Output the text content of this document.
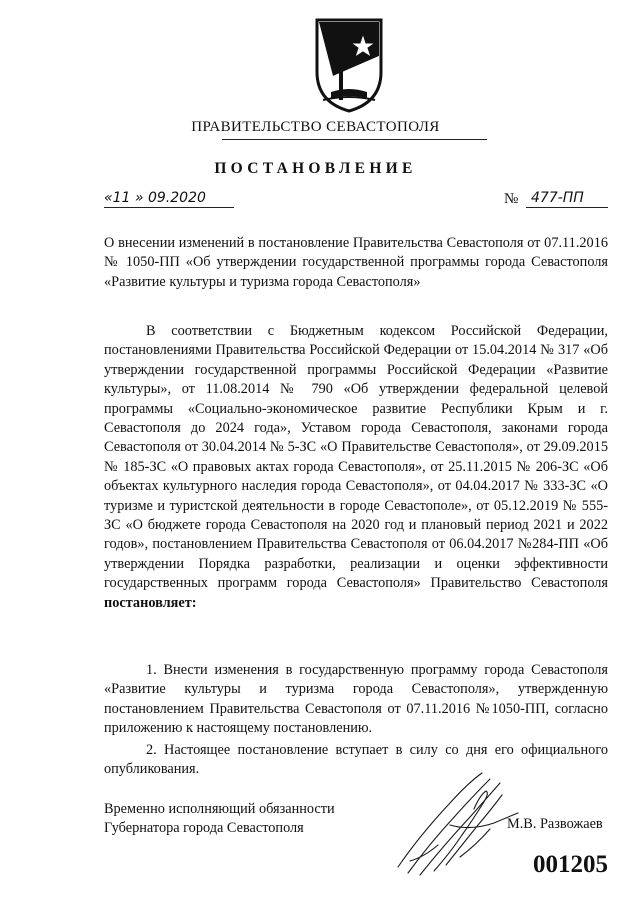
ПРАВИТЕЛЬСТВО СЕВАСТОПОЛЯ
ПОСТАНОВЛЕНИЕ
«11 » 09.2020	№ 477-ПП
О внесении изменений в постановление Правительства Севастополя от 07.11.2016 № 1050-ПП «Об утверждении государственной программы города Севастополя «Развитие культуры и туризма города Севастополя»
В соответствии с Бюджетным кодексом Российской Федерации, постановлениями Правительства Российской Федерации от 15.04.2014 № 317 «Об утверждении государственной программы Российской Федерации «Развитие культуры», от 11.08.2014 № 790 «Об утверждении федеральной целевой программы «Социально-экономическое развитие Республики Крым и г. Севастополя до 2024 года», Уставом города Севастополя, законами города Севастополя от 30.04.2014 № 5-ЗС «О Правительстве Севастополя», от 29.09.2015 № 185-ЗС «О правовых актах города Севастополя», от 25.11.2015 № 206-ЗС «Об объектах культурного наследия города Севастополя», от 04.04.2017 № 333-ЗС «О туризме и туристской деятельности в городе Севастополе», от 05.12.2019 № 555-ЗС «О бюджете города Севастополя на 2020 год и плановый период 2021 и 2022 годов», постановлением Правительства Севастополя от 06.04.2017 №284-ПП «Об утверждении Порядка разработки, реализации и оценки эффективности государственных программ города Севастополя» Правительство Севастополя постановляет:
1. Внести изменения в государственную программу города Севастополя «Развитие культуры и туризма города Севастополя», утвержденную постановлением Правительства Севастополя от 07.11.2016 №1050-ПП, согласно приложению к настоящему постановлению.
2. Настоящее постановление вступает в силу со дня его официального опубликования.
Временно исполняющий обязанности
Губернатора города Севастополя	М.В. Развожаев
001205
